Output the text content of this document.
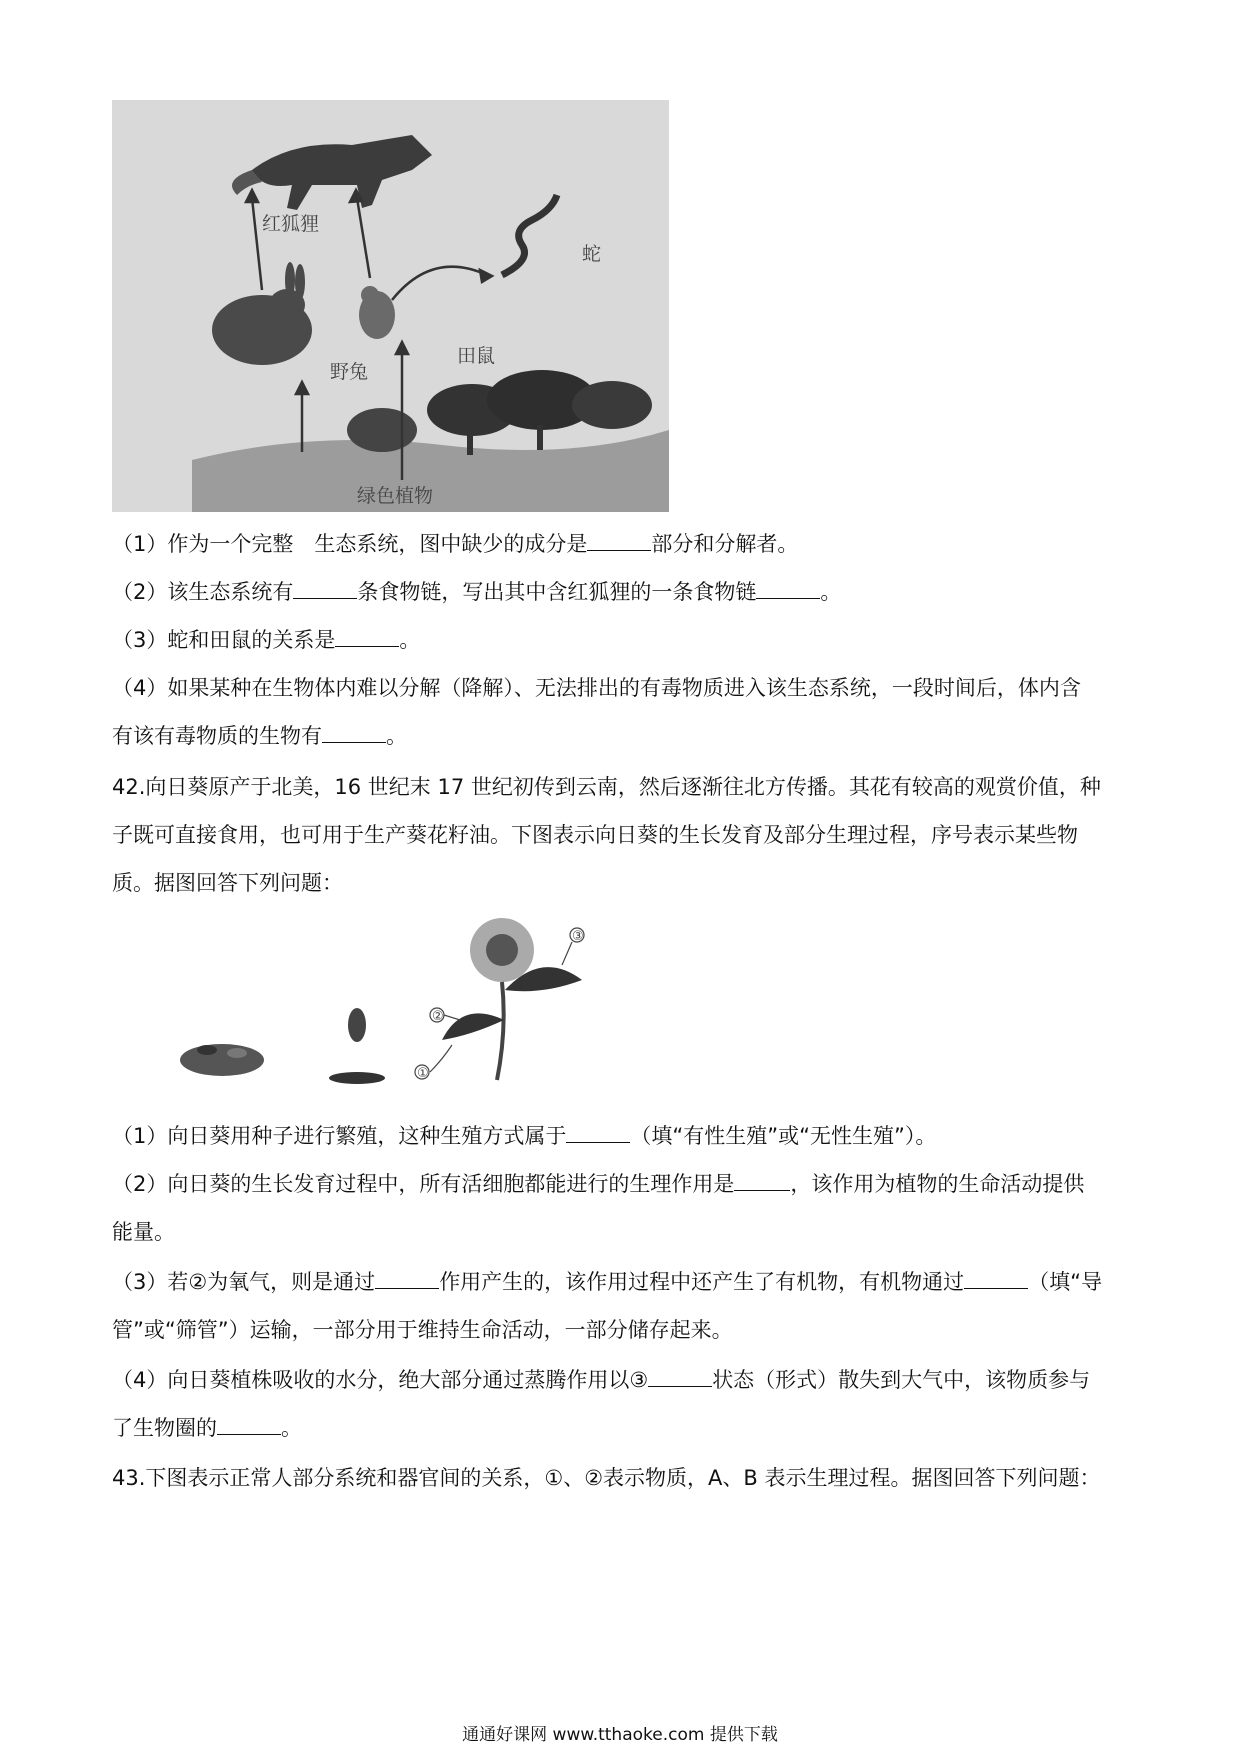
红狐狸
蛇
野兔
田鼠
绿色植物
（1）作为一个完整　生态系统，图中缺少的成分是	部分和分解者。
（2）该生态系统有	条食物链，写出其中含红狐狸的一条食物链	。
（3）蛇和田鼠的关系是	。
（4）如果某种在生物体内难以分解（降解）、无法排出的有毒物质进入该生态系统，一段时间后，体内含
有该有毒物质的生物有	。
42.向日葵原产于北美，16 世纪末 17 世纪初传到云南，然后逐渐往北方传播。其花有较高的观赏价值，种
子既可直接食用，也可用于生产葵花籽油。下图表示向日葵的生长发育及部分生理过程，序号表示某些物
质。据图回答下列问题：
②
①
③
（1）向日葵用种子进行繁殖，这种生殖方式属于	（填“有性生殖”或“无性生殖”）。
（2）向日葵的生长发育过程中，所有活细胞都能进行的生理作用是	，该作用为植物的生命活动提供
能量。
（3）若②为氧气，则是通过	作用产生的，该作用过程中还产生了有机物，有机物通过	（填“导
管”或“筛管”）运输，一部分用于维持生命活动，一部分储存起来。
（4）向日葵植株吸收的水分，绝大部分通过蒸腾作用以③	状态（形式）散失到大气中，该物质参与
了生物圈的	。
43.下图表示正常人部分系统和器官间的关系，①、②表示物质，A、B 表示生理过程。据图回答下列问题：
通通好课网 www.tthaoke.com 提供下载
